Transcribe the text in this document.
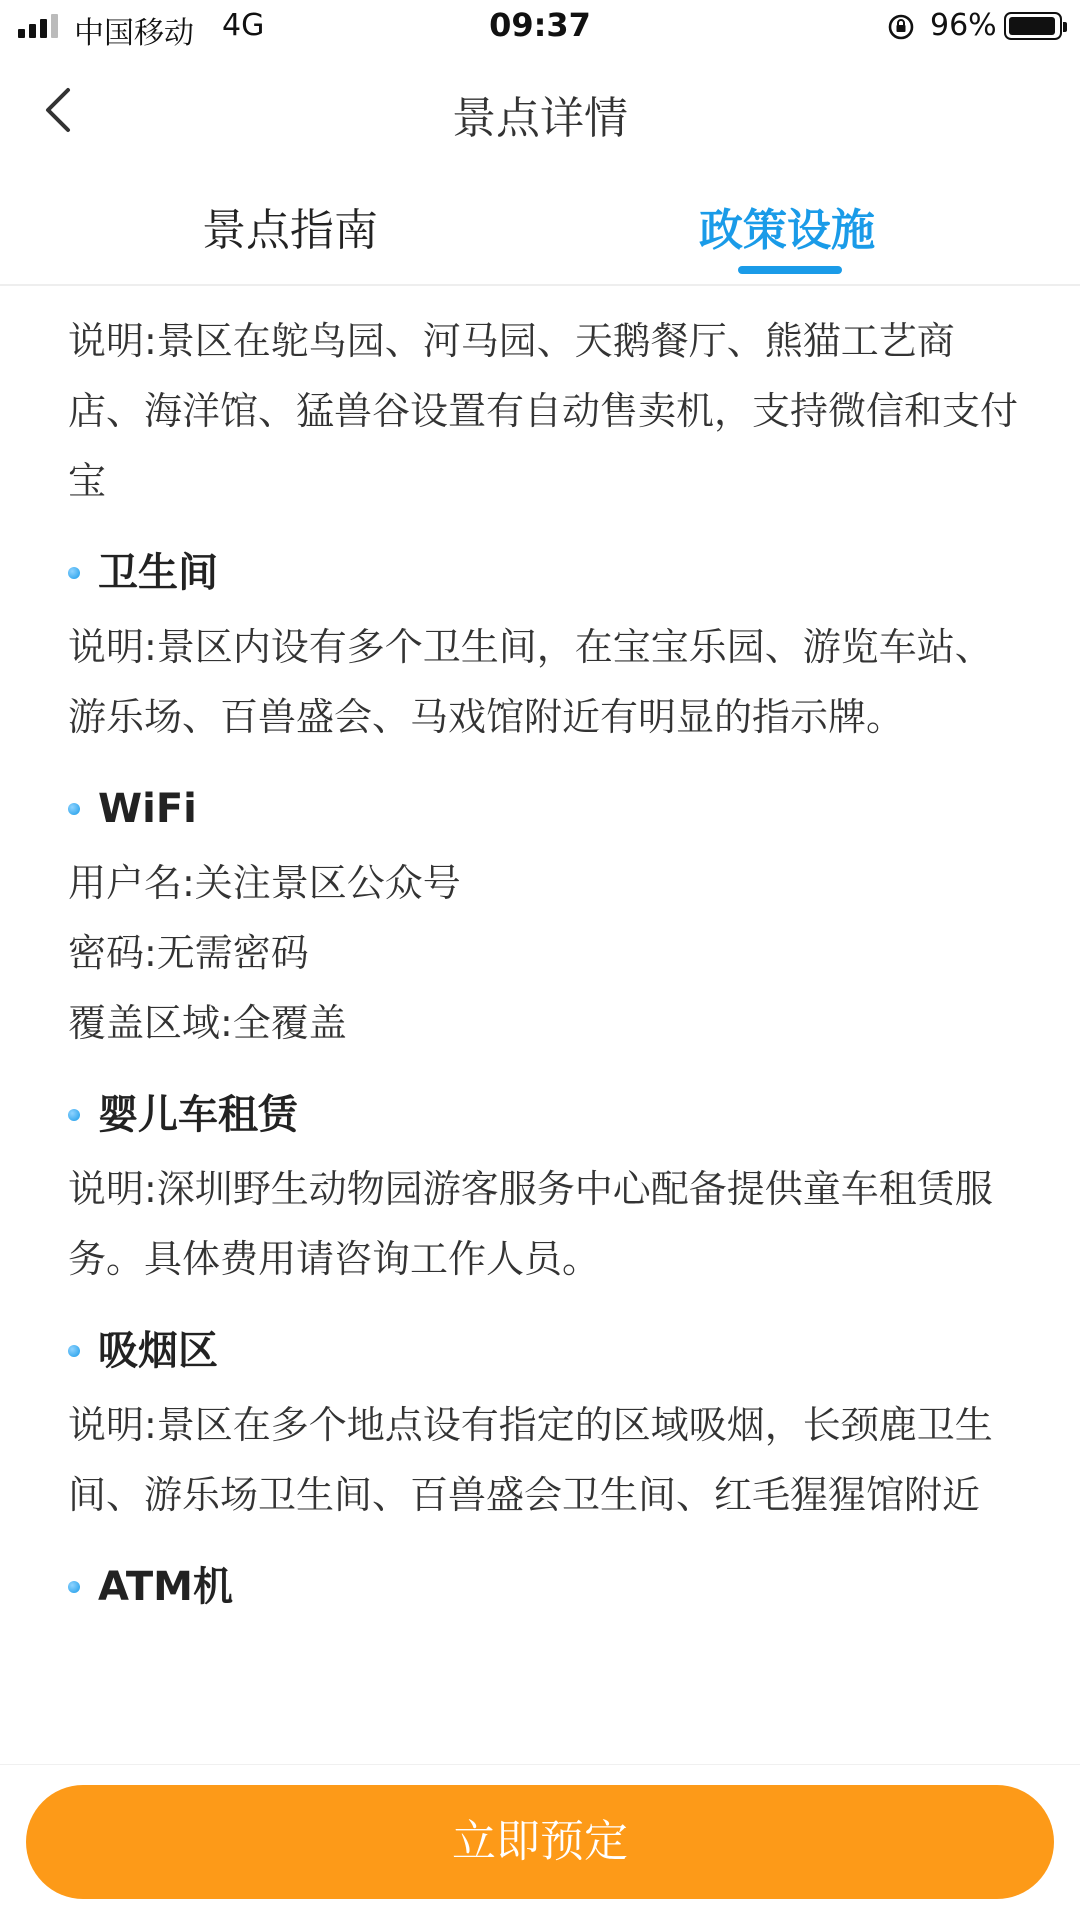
中国移动 4G	09:37	96%
景点详情
景点指南	政策设施

说明:景区在鸵鸟园、河马园、天鹅餐厅、熊猫工艺商店、海洋馆、猛兽谷设置有自动售卖机，支持微信和支付宝

卫生间

说明:景区内设有多个卫生间，在宝宝乐园、游览车站、游乐场、百兽盛会、马戏馆附近有明显的指示牌。

WiFi

用户名:关注景区公众号

密码:无需密码

覆盖区域:全覆盖

婴儿车租赁

说明:深圳野生动物园游客服务中心配备提供童车租赁服务。具体费用请咨询工作人员。

吸烟区

说明:景区在多个地点设有指定的区域吸烟，长颈鹿卫生间、游乐场卫生间、百兽盛会卫生间、红毛猩猩馆附近

ATM机
立即预定
